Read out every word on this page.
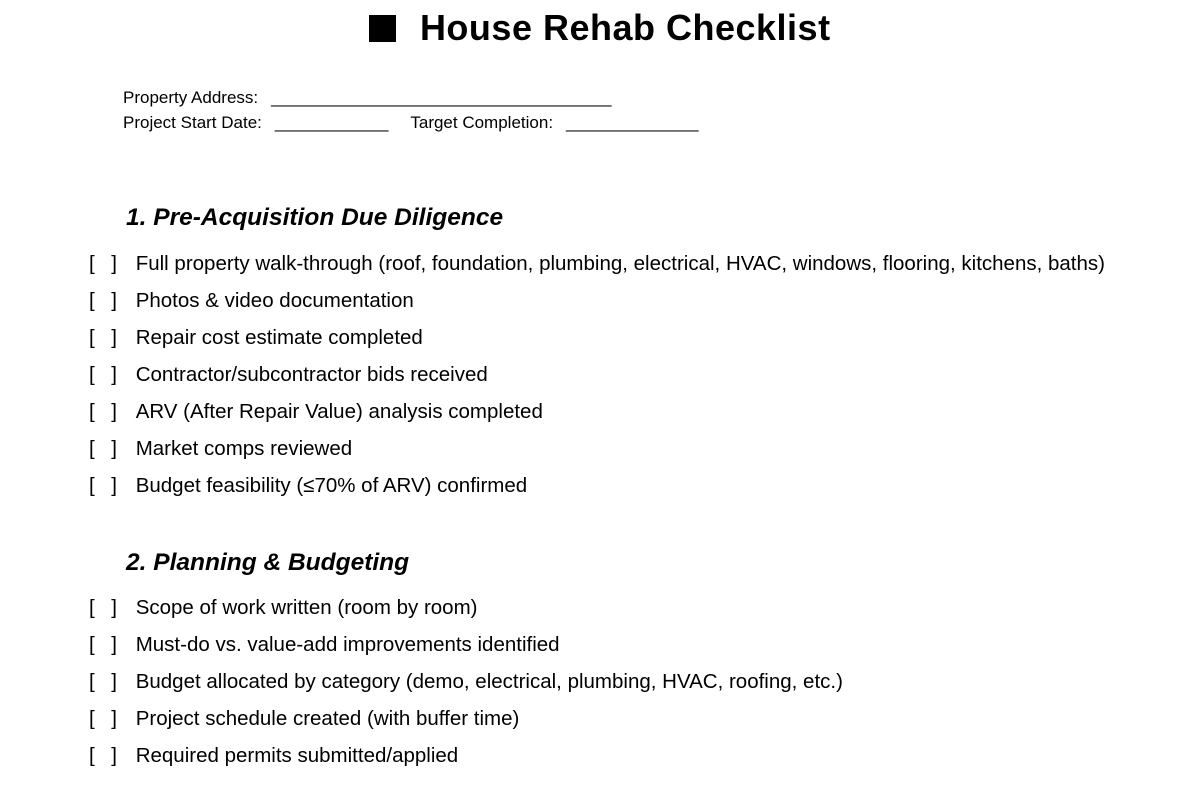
House Rehab Checklist
Property Address: ____________________________________
Project Start Date: ____________ Target Completion: ______________
1. Pre-Acquisition Due Diligence
[ ] Full property walk-through (roof, foundation, plumbing, electrical, HVAC, windows, flooring, kitchens, baths)
[ ] Photos & video documentation
[ ] Repair cost estimate completed
[ ] Contractor/subcontractor bids received
[ ] ARV (After Repair Value) analysis completed
[ ] Market comps reviewed
[ ] Budget feasibility (≤70% of ARV) confirmed
2. Planning & Budgeting
[ ] Scope of work written (room by room)
[ ] Must-do vs. value-add improvements identified
[ ] Budget allocated by category (demo, electrical, plumbing, HVAC, roofing, etc.)
[ ] Project schedule created (with buffer time)
[ ] Required permits submitted/applied
